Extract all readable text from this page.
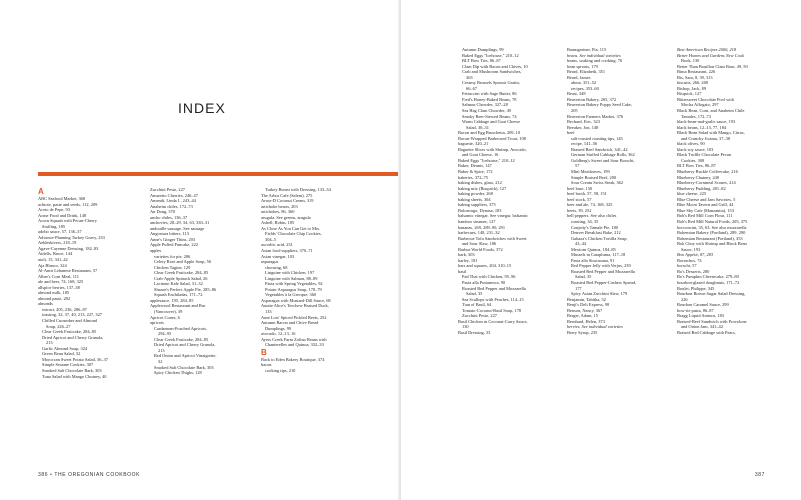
INDEX
A
ABC Seafood Market, 368
achiote, paste and seeds, 112, 209
Aceto de Pepe, 93
Acme Food and Drink, 148
Acorn Squash with Pecan-Cherry
Stuffing, 185
adobo sauce, 57, 136–37
Advance-Planning Turkey Gravy, 233
Aebleskivers, 218–19
Agave-Cayenne Dressing, 182–83
Aidells, Bruce, 144
aioli, 15, 341–42
Aja Blanco, 324
Al-Amir Lebanese Restaurant, 57
Alber's Corn Meal, 111
ale and beer, 74, 168, 325
allspice berries, 137–38
almond milk, 185
almond paste, 282
almonds
extract, 205, 236, 286–87
toasting, 32, 37, 40, 213, 227, 327
Chilled Cucumber and Almond
Soup, 226–27
Clear Creek Fruitcake, 284–85
Dried Apricot and Cherry Granola,
213
Garlic Almond Soup, 324
Green Bean Salad, 32
Moroccan Sweet Potato Salad, 36–37
Simple Sesame Cookies, 307
Smoked Salt Chocolate Bark, 303
Tuna Salad with Mango Chutney, 40
Zucchini Pesto, 227
Amaretto Cherries, 246–47
Amendt, Linda J., 243–44
Anaheim chiles, 172–73
An Dong, 370
ancho chiles, 136–37
anchovies, 28–29, 34, 63, 330–31
andouille sausage. See sausage
Angostura bitters, 113
Anne's Ginger Thins, 203
Apple Puffed Pancake, 222
apples
varieties for pie, 286
Celery Root and Apple Soup, 56
Chicken Tagine, 129
Clear Creek Fruitcake, 284–85
Crab-Apple Spinach Salad, 26
Lacinato Kale Salad, 31–32
Sharon's Perfect Apple Pie, 285–86
Squash Enchiladas, 171–72
applesauce, 195, 284–85
Applewood Restaurant and Bar
(Vancouver), 39
Apricot Cones, 6
apricots
Cardamom-Poached Apricots,
294–95
Clear Creek Fruitcake, 284–85
Dried Apricot and Cherry Granola,
213
Red Onion and Apricot Vinaigrette,
32
Smoked Salt Chocolate Bark, 303
Spicy Chicken Thighs, 128
Turkey Breast with Dressing, 133–34
The Arbor Cafe (Salem), 275
Arroz-D Coconut Cream, 319
artichoke hearts, 203
artichokes, 86, 360
arugula. See greens, arugula
Asbell, Robin, 185
As Close As You Can Get to Mrs.
Fields' Chocolate Chip Cookies,
304–5
ascorbic acid, 231
Asian food suppliers, 370–71
Asian vinegar, 103
asparagus
choosing, 68
Linguine with Chicken, 197
Linguine with Salmon, 88–89
Pasta with Spring Vegetables, 92
Potato-Asparagus Soup, 178–79
Vegetables à la Grecque, 360
Asparagus with Mustard-Dill Sauce, 68
Auntie Alice's Teochew Braised Duck,
133
Aunt Lois' Spiced Pickled Beets, 252
Autumn Bacon and Chive Bread
Dumplings, 99
avocado, 12–13, 16
Ayers Creek Farm Zolino Beans with
Chanterelles and Quinoa, 332–33
B
Back to Eden Bakery Boutique, 374
bacon
cooking tips, 210
386 • THE OREGONIAN COOKBOOK
Autumn Dumplings, 99
Baked Eggs "Icehouse," 210–12
BLT Bow Ties, 86–87
Clam Dip with Bacon and Chives, 10
Crab and Mushroom Sandwiches,
363
Creamy Brussels Sprouts Gratin,
66–67
Fettuccini with Sage Butter, 86
Fred's Honey-Baked Beans, 78
Salmon Chowder, 327–28
Sea Hag Clam Chowder, 49
Smoky Beer-Stewed Beans, 74
Warm Cabbage and Goat Cheese
Salad, 30–31
Bacon and Egg Bruschetta, 209–10
Bacon-Wrapped Barbecued Trout, 108
baguette, 320–21
Baguette Slices with Shrimp, Avocado,
and Goat Cheese, 16
Baked Eggs "Icehouse," 210–12
Baker, Dennis, 147
Baker & Spice, 172
bakeries, 372–75
baking dishes, glass, 212
baking mix (Bisquick), 127
baking powder, 268
baking sheets, 304
baking suppliers, 375
Balcarrago, Dynasa, 183
balsamic vinegar. See vinegar, balsamic
bamboo steamer, 127
bananas, 269, 289–90, 291
barbecues, 148, 231–32
Barbecue Tofu Sandwiches with Sweet
and Sour Slaw, 186
Barbur World Foods, 372
bark, 303
barley, 181
bars and squares, 204, 310–15
basil
Pad Thai with Chicken, 95–96
Pasta alla Puttanesca, 90
Roasted Red Pepper and Mozzarella
Salad, 35
Sea Scallops with Peaches, 114–15
Tian of Basil, 64
Tomato-Coconut-Basil Soup, 178
Zucchini Pesto, 227
Basil Chicken in Coconut-Curry Sauce,
130
Basil Dressing, 33
Baumgartner, Pia, 115
beans. See individual varieties
beans, soaking and cooking, 76
bean sprouts, 179
Beard, Elizabeth, 351
Beard, James
about, 351–52
recipes, 353–60
Beast, 348
Beaverton Bakery, 205, 372
Beaverton Bakery Poppy Seed Cake,
205
Beaverton Farmers Market, 376
Bechard, Eric, 323
Beeaker, Jon, 148
beef
salt-crusted roasting tips, 145
recipe, 141–56
Braised Beef Sandwich, 341–42
German Stuffed Cabbage Rolls, 362
Goldberg's Sweet and Sour Borscht,
57
Mini Meatloaves, 199
Simple Braised Beef, 200
Sour Cream Swiss Steak, 362
beef base, 150
beef broth, 57, 58, 151
beef stock, 57
beer and ale, 74, 168, 325
beets, 39, 252
bell peppers. See also chiles
roasting, 34, 35
Conjetty's Tamale Pie, 180
Denver Breakfast Bake, 212
Gabaza's Chicken Tortilla Soup,
43–44
Mexican Quinoa, 184–85
Mussels in Catapluma, 117–18
Pasta alla Siracusana, 91
Red Pepper Jelly with Verjus, 239
Roasted Red Pepper and Mozzarella
Salad, 35
Roasted Red Pepper-Cashew Spread,
177
Spicy Asian Zucchini Slaw, 179
Benjamin, Tabitha, 52
Benji's Deli Express, 98
Benson, Nancy, 367
Berger, Adam, 15
Bernhard, Helen, 373
berries. See individual varieties
Berry Syrup, 235
Best American Recipes 2000, 218
Better Homes and Gardens New Cook
Book, 130
Better Than Bouillon Clam Base, 49, 50
Bima Restaurant, 226
Bis, Sara, 8, 39, 313
biscuits, 266, 268
Bishop, Jack, 89
Bisquick, 127
Bittersweet Chocolate Pool with
Mocha Affogato, 297
Black Bean, Corn, and Anaheim Chile
Tamales, 172–73
black-bean-and-garlic sauce, 193
black beans, 12–13, 77, 184
Black Bean Salad with Mango, Citrus,
and Crunchy Jicama, 37–38
black olives, 90
black soy sauce, 103
Black Truffle Chocolate Pecan
Cookies, 308
BLT Bow Ties, 86–87
Blueberry Buckle Coffeecake, 216
Blueberry Chutney, 240
Blueberry-Cornmeal Scones, 214
Blueberry Pudding, 281–82
blue cheese, 225
Blue Cheese and Jam Savories, 5
Blue Moon Tavern and Grill, 44
Blue Sky Cafe (Manzanita), 153
Bob's Red Mill Corn Flour, 111
Bob's Red Mill Natural Foods, 205, 375
bocconcini, 35, 63. See also mozzarella
Bohemian Bakery (Portland), 289, 290
Bohemian Restaurant (Portland), 353
Bok Choy with Shrimp and Black Bean
Sauce, 193
Bon Appétit, 87, 283
Borrachos, 74
borscht, 57
Bo's Desserts, 280
Bo's Pumpkin Cheesecake, 279–80
bourbon-glazed doughnuts, 171–72
Boulet, Philippe, 345
Bourbon Brown Sugar Salad Dressing,
226
Bourbon Caramel Sauce, 299
bow-tie pasta, 86–87
Bragg Liquid Aminos, 183
Braised-Beef Sandwich with Provolone
and Onion Jam, 341–42
Braised Red Cabbage with Pears,
387
